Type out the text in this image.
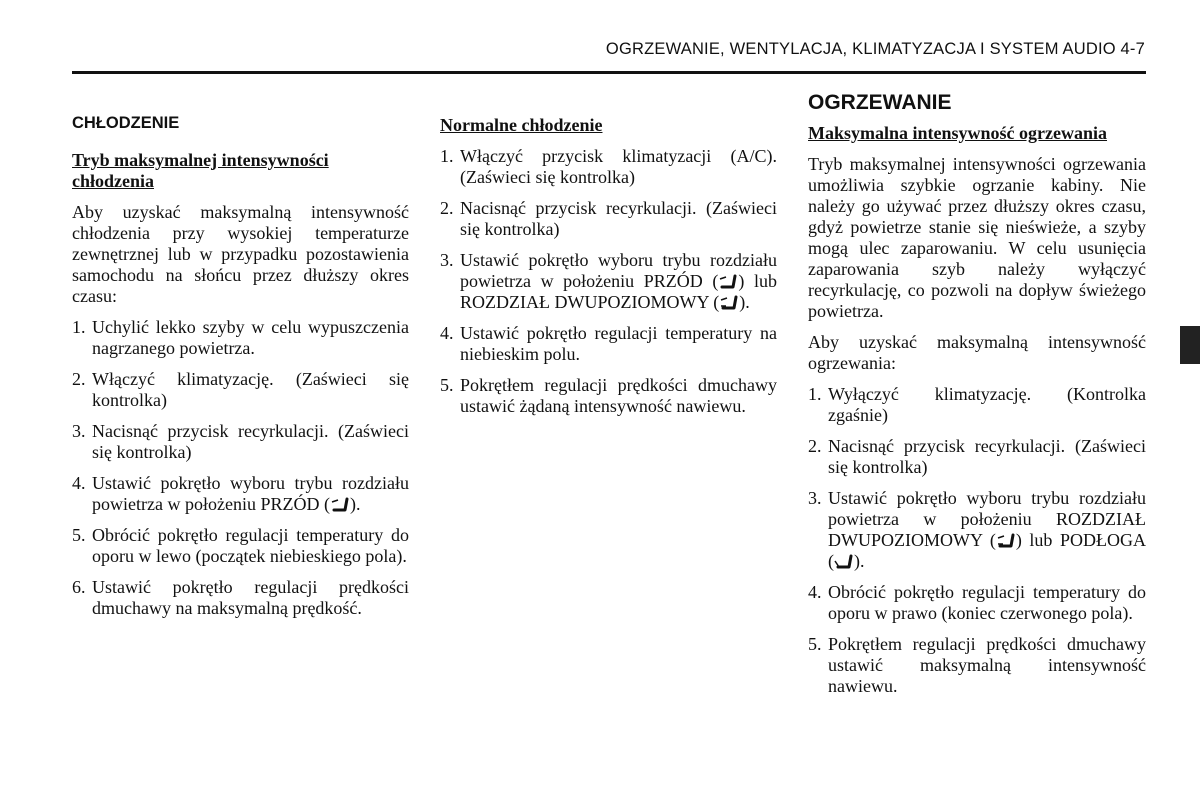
OGRZEWANIE, WENTYLACJA, KLIMATYZACJA I SYSTEM AUDIO 4-7
CHŁODZENIE
Tryb maksymalnej intensywności chłodzenia

Aby uzyskać maksymalną intensywność chłodzenia przy wysokiej temperaturze zewnętrznej lub w przypadku pozostawienia samochodu na słońcu przez dłuższy okres czasu:

1. Uchylić lekko szyby w celu wypuszczenia nagrzanego powietrza.
2. Włączyć klimatyzację. (Zaświeci się kontrolka)
3. Nacisnąć przycisk recyrkulacji. (Zaświeci się kontrolka)
4. Ustawić pokrętło wyboru trybu rozdziału powietrza w położeniu PRZÓD ( ).
5. Obrócić pokrętło regulacji temperatury do oporu w lewo (początek niebieskiego pola).
6. Ustawić pokrętło regulacji prędkości dmuchawy na maksymalną prędkość.
Normalne chłodzenie
1. Włączyć przycisk klimatyzacji (A/C). (Zaświeci się kontrolka)
2. Nacisnąć przycisk recyrkulacji. (Zaświeci się kontrolka)
3. Ustawić pokrętło wyboru trybu rozdziału powietrza w położeniu PRZÓD ( ) lub ROZDZIAŁ DWUPOZIOMOWY ( ).
4. Ustawić pokrętło regulacji temperatury na niebieskim polu.
5. Pokrętłem regulacji prędkości dmuchawy ustawić żądaną intensywność nawiewu.
OGRZEWANIE
Maksymalna intensywność ogrzewania

Tryb maksymalnej intensywności ogrzewania umożliwia szybkie ogrzanie kabiny. Nie należy go używać przez dłuższy okres czasu, gdyż powietrze stanie się nieświeże, a szyby mogą ulec zaparowaniu. W celu usunięcia zaparowania szyb należy wyłączyć recyrkulację, co pozwoli na dopływ świeżego powietrza.

Aby uzyskać maksymalną intensywność ogrzewania:

1. Wyłączyć klimatyzację. (Kontrolka zgaśnie)
2. Nacisnąć przycisk recyrkulacji. (Zaświeci się kontrolka)
3. Ustawić pokrętło wyboru trybu rozdziału powietrza w położeniu ROZDZIAŁ DWUPOZIOMOWY ( ) lub PODŁOGA ( ).
4. Obrócić pokrętło regulacji temperatury do oporu w prawo (koniec czerwonego pola).
5. Pokrętłem regulacji prędkości dmuchawy ustawić maksymalną intensywność nawiewu.
